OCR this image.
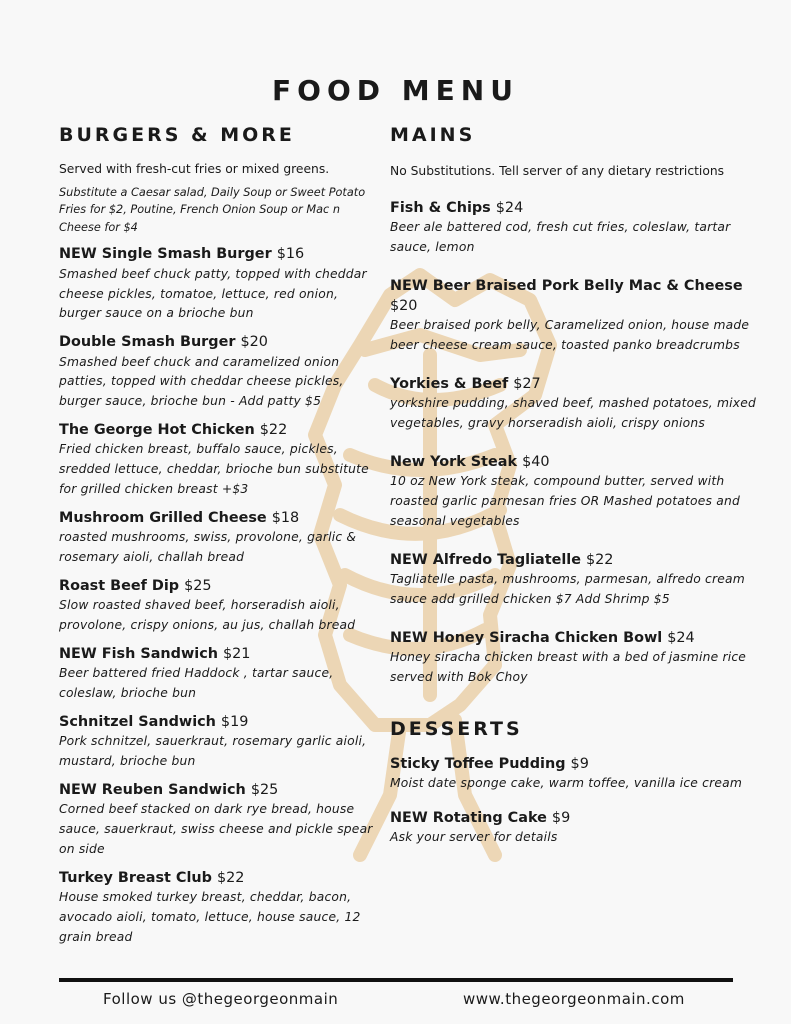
FOOD MENU
BURGERS & MORE

Served with fresh-cut fries or mixed greens.

Substitute a Caesar salad, Daily Soup or Sweet Potato Fries for $2, Poutine, French Onion Soup or Mac n Cheese for $4

NEW Single Smash Burger $16
Smashed beef chuck patty, topped with cheddar cheese pickles, tomatoe, lettuce, red onion, burger sauce on a brioche bun
Double Smash Burger $20
Smashed beef chuck and caramelized onion patties, topped with cheddar cheese pickles, burger sauce, brioche bun - Add patty $5
The George Hot Chicken $22
Fried chicken breast, buffalo sauce, pickles, sredded lettuce, cheddar, brioche bun substitute for grilled chicken breast +$3
Mushroom Grilled Cheese $18
roasted mushrooms, swiss, provolone, garlic & rosemary aioli, challah bread
Roast Beef Dip $25
Slow roasted shaved beef, horseradish aioli, provolone, crispy onions, au jus, challah bread
NEW Fish Sandwich $21
Beer battered fried Haddock , tartar sauce, coleslaw, brioche bun
Schnitzel Sandwich $19
Pork schnitzel, sauerkraut, rosemary garlic aioli, mustard, brioche bun
NEW Reuben Sandwich $25
Corned beef stacked on dark rye bread, house sauce, sauerkraut, swiss cheese and pickle spear on side
Turkey Breast Club $22
House smoked turkey breast, cheddar, bacon, avocado aioli, tomato, lettuce, house sauce, 12 grain bread
MAINS

No Substitutions. Tell server of any dietary restrictions

Fish & Chips $24
Beer ale battered cod, fresh cut fries, coleslaw, tartar sauce, lemon
NEW Beer Braised Pork Belly Mac & Cheese $20
Beer braised pork belly, Caramelized onion, house made beer cheese cream sauce, toasted panko breadcrumbs
Yorkies & Beef $27
yorkshire pudding, shaved beef, mashed potatoes, mixed vegetables, gravy horseradish aioli, crispy onions
New York Steak $40
10 oz New York steak, compound butter, served with roasted garlic parmesan fries OR Mashed potatoes and seasonal vegetables
NEW Alfredo Tagliatelle $22
Tagliatelle pasta, mushrooms, parmesan, alfredo cream sauce add grilled chicken $7 Add Shrimp $5
NEW Honey Siracha Chicken Bowl $24
Honey siracha chicken breast with a bed of jasmine rice served with Bok Choy
DESSERTS
Sticky Toffee Pudding $9
Moist date sponge cake, warm toffee, vanilla ice cream
NEW Rotating Cake $9
Ask your server for details
Follow us @thegeorgeonmain	www.thegeorgeonmain.com
